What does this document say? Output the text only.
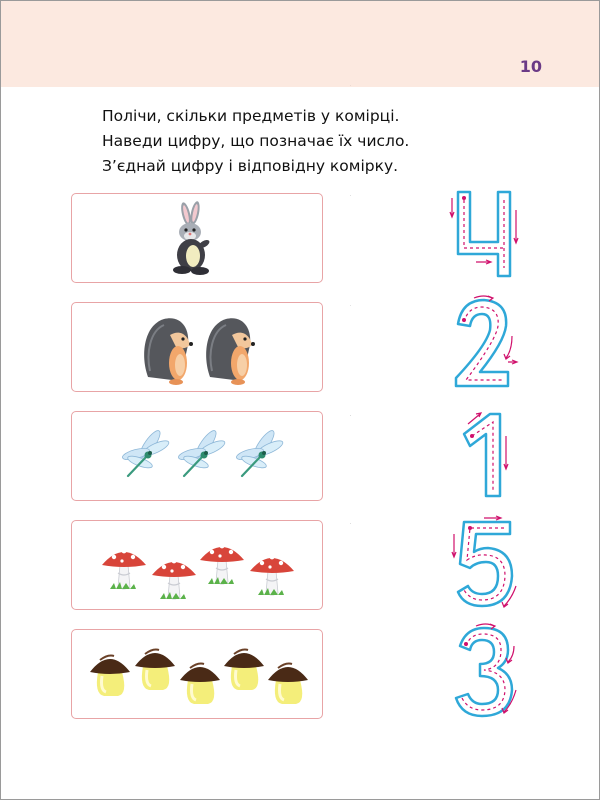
10
Полічи, скільки предметів у комірці.
Наведи цифру, що позначає їх число.
З’єднай цифру і відповідну комірку.
4
2
1
5
3
